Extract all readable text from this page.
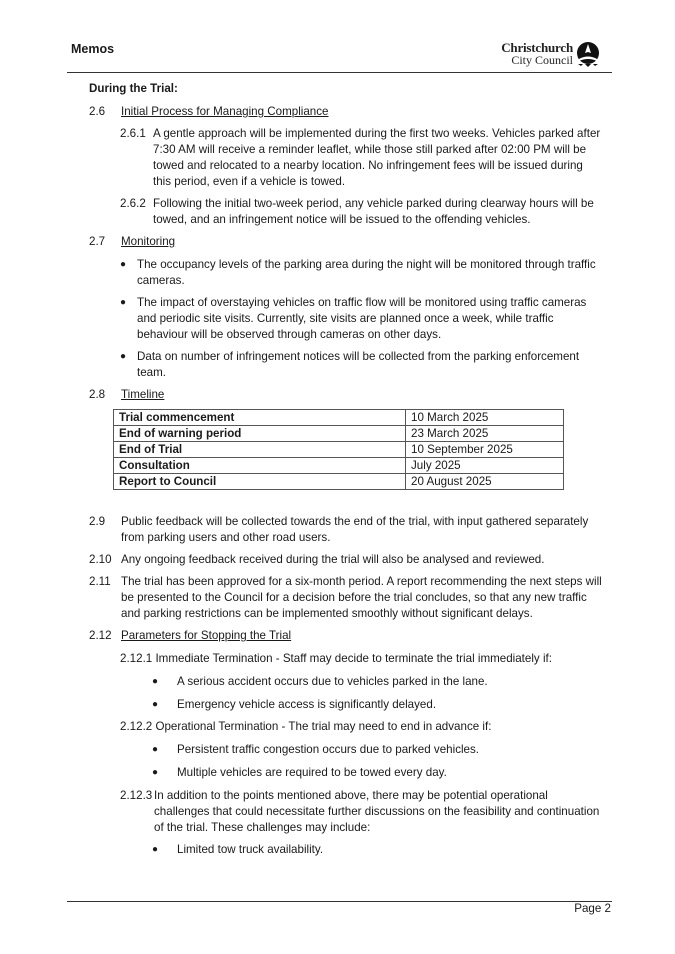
Memos	Christchurch
City Council
During the Trial:
2.6 Initial Process for Managing Compliance
2.6.1 A gentle approach will be implemented during the first two weeks. Vehicles parked after
7:30 AM will receive a reminder leaflet, while those still parked after 02:00 PM will be
towed and relocated to a nearby location. No infringement fees will be issued during
this period, even if a vehicle is towed.
2.6.2 Following the initial two-week period, any vehicle parked during clearway hours will be
towed, and an infringement notice will be issued to the offending vehicles.
2.7 Monitoring
● The occupancy levels of the parking area during the night will be monitored through traffic
cameras.
● The impact of overstaying vehicles on traffic flow will be monitored using traffic cameras
and periodic site visits. Currently, site visits are planned once a week, while traffic
behaviour will be observed through cameras on other days.
● Data on number of infringement notices will be collected from the parking enforcement
team.
2.8 Timeline
Trial commencement	10 March 2025
End of warning period	23 March 2025
End of Trial	10 September 2025
Consultation	July 2025
Report to Council	20 August 2025
2.9 Public feedback will be collected towards the end of the trial, with input gathered separately
from parking users and other road users.
2.10 Any ongoing feedback received during the trial will also be analysed and reviewed.
2.11 The trial has been approved for a six-month period. A report recommending the next steps will
be presented to the Council for a decision before the trial concludes, so that any new traffic
and parking restrictions can be implemented smoothly without significant delays.
2.12 Parameters for Stopping the Trial
2.12.1 Immediate Termination - Staff may decide to terminate the trial immediately if:
● A serious accident occurs due to vehicles parked in the lane.
● Emergency vehicle access is significantly delayed.
2.12.2 Operational Termination - The trial may need to end in advance if:
● Persistent traffic congestion occurs due to parked vehicles.
● Multiple vehicles are required to be towed every day.
2.12.3 In addition to the points mentioned above, there may be potential operational
challenges that could necessitate further discussions on the feasibility and continuation
of the trial. These challenges may include:
● Limited tow truck availability.
Page 2
